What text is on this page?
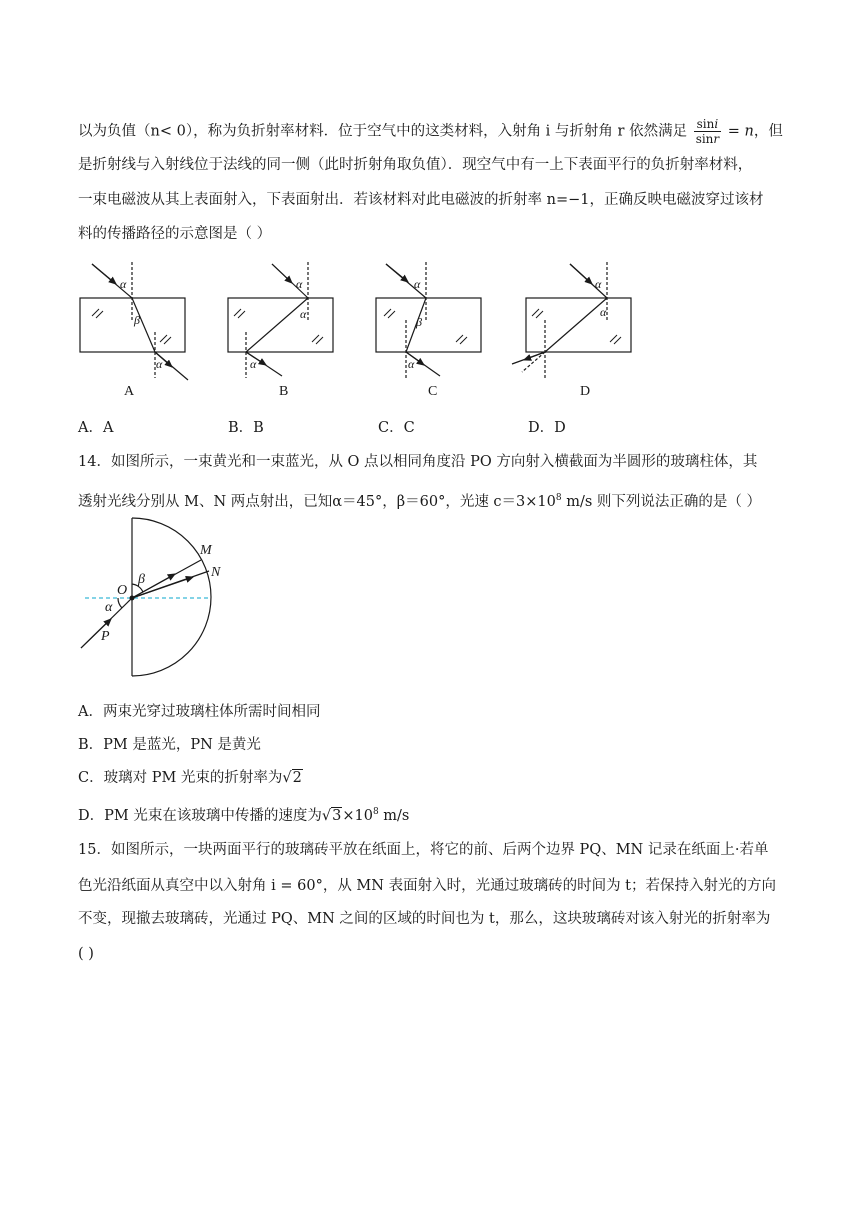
以为负值（n< 0），称为负折射率材料．位于空气中的这类材料，入射角 i 与折射角 r 依然满足 $\frac{\sin i}{\sin r} = n$，但
是折射线与入射线位于法线的同一侧（此时折射角取负值）．现空气中有一上下表面平行的负折射率材料，
一束电磁波从其上表面射入，下表面射出．若该材料对此电磁波的折射率 n=−1，正确反映电磁波穿过该材
料的传播路径的示意图是（ ）
α
β
α
α
α
α
α
β
α
α
α
A	B	C	D
A．A	B．B	C．C	D．D
14．如图所示，一束黄光和一束蓝光，从 O 点以相同角度沿 PO 方向射入横截面为半圆形的玻璃柱体，其
透射光线分别从 M、N 两点射出，已知α＝45°，β＝60°，光速 $c=3\times 10^8$ m/s 则下列说法正确的是（ ）
O
P
M
N
α
β
A．两束光穿过玻璃柱体所需时间相同
B．PM 是蓝光，PN 是黄光
C．玻璃对 PM 光束的折射率为√2
D．PM 光束在该玻璃中传播的速度为$√3\times 10^8$ m/s
15．如图所示，一块两面平行的玻璃砖平放在纸面上，将它的前、后两个边界 PQ、MN 记录在纸面上·若单
色光沿纸面从真空中以入射角 i = 60°，从 MN 表面射入时，光通过玻璃砖的时间为 t；若保持入射光的方向
不变，现撤去玻璃砖，光通过 PQ、MN 之间的区域的时间也为 t，那么，这块玻璃砖对该入射光的折射率为
( )
